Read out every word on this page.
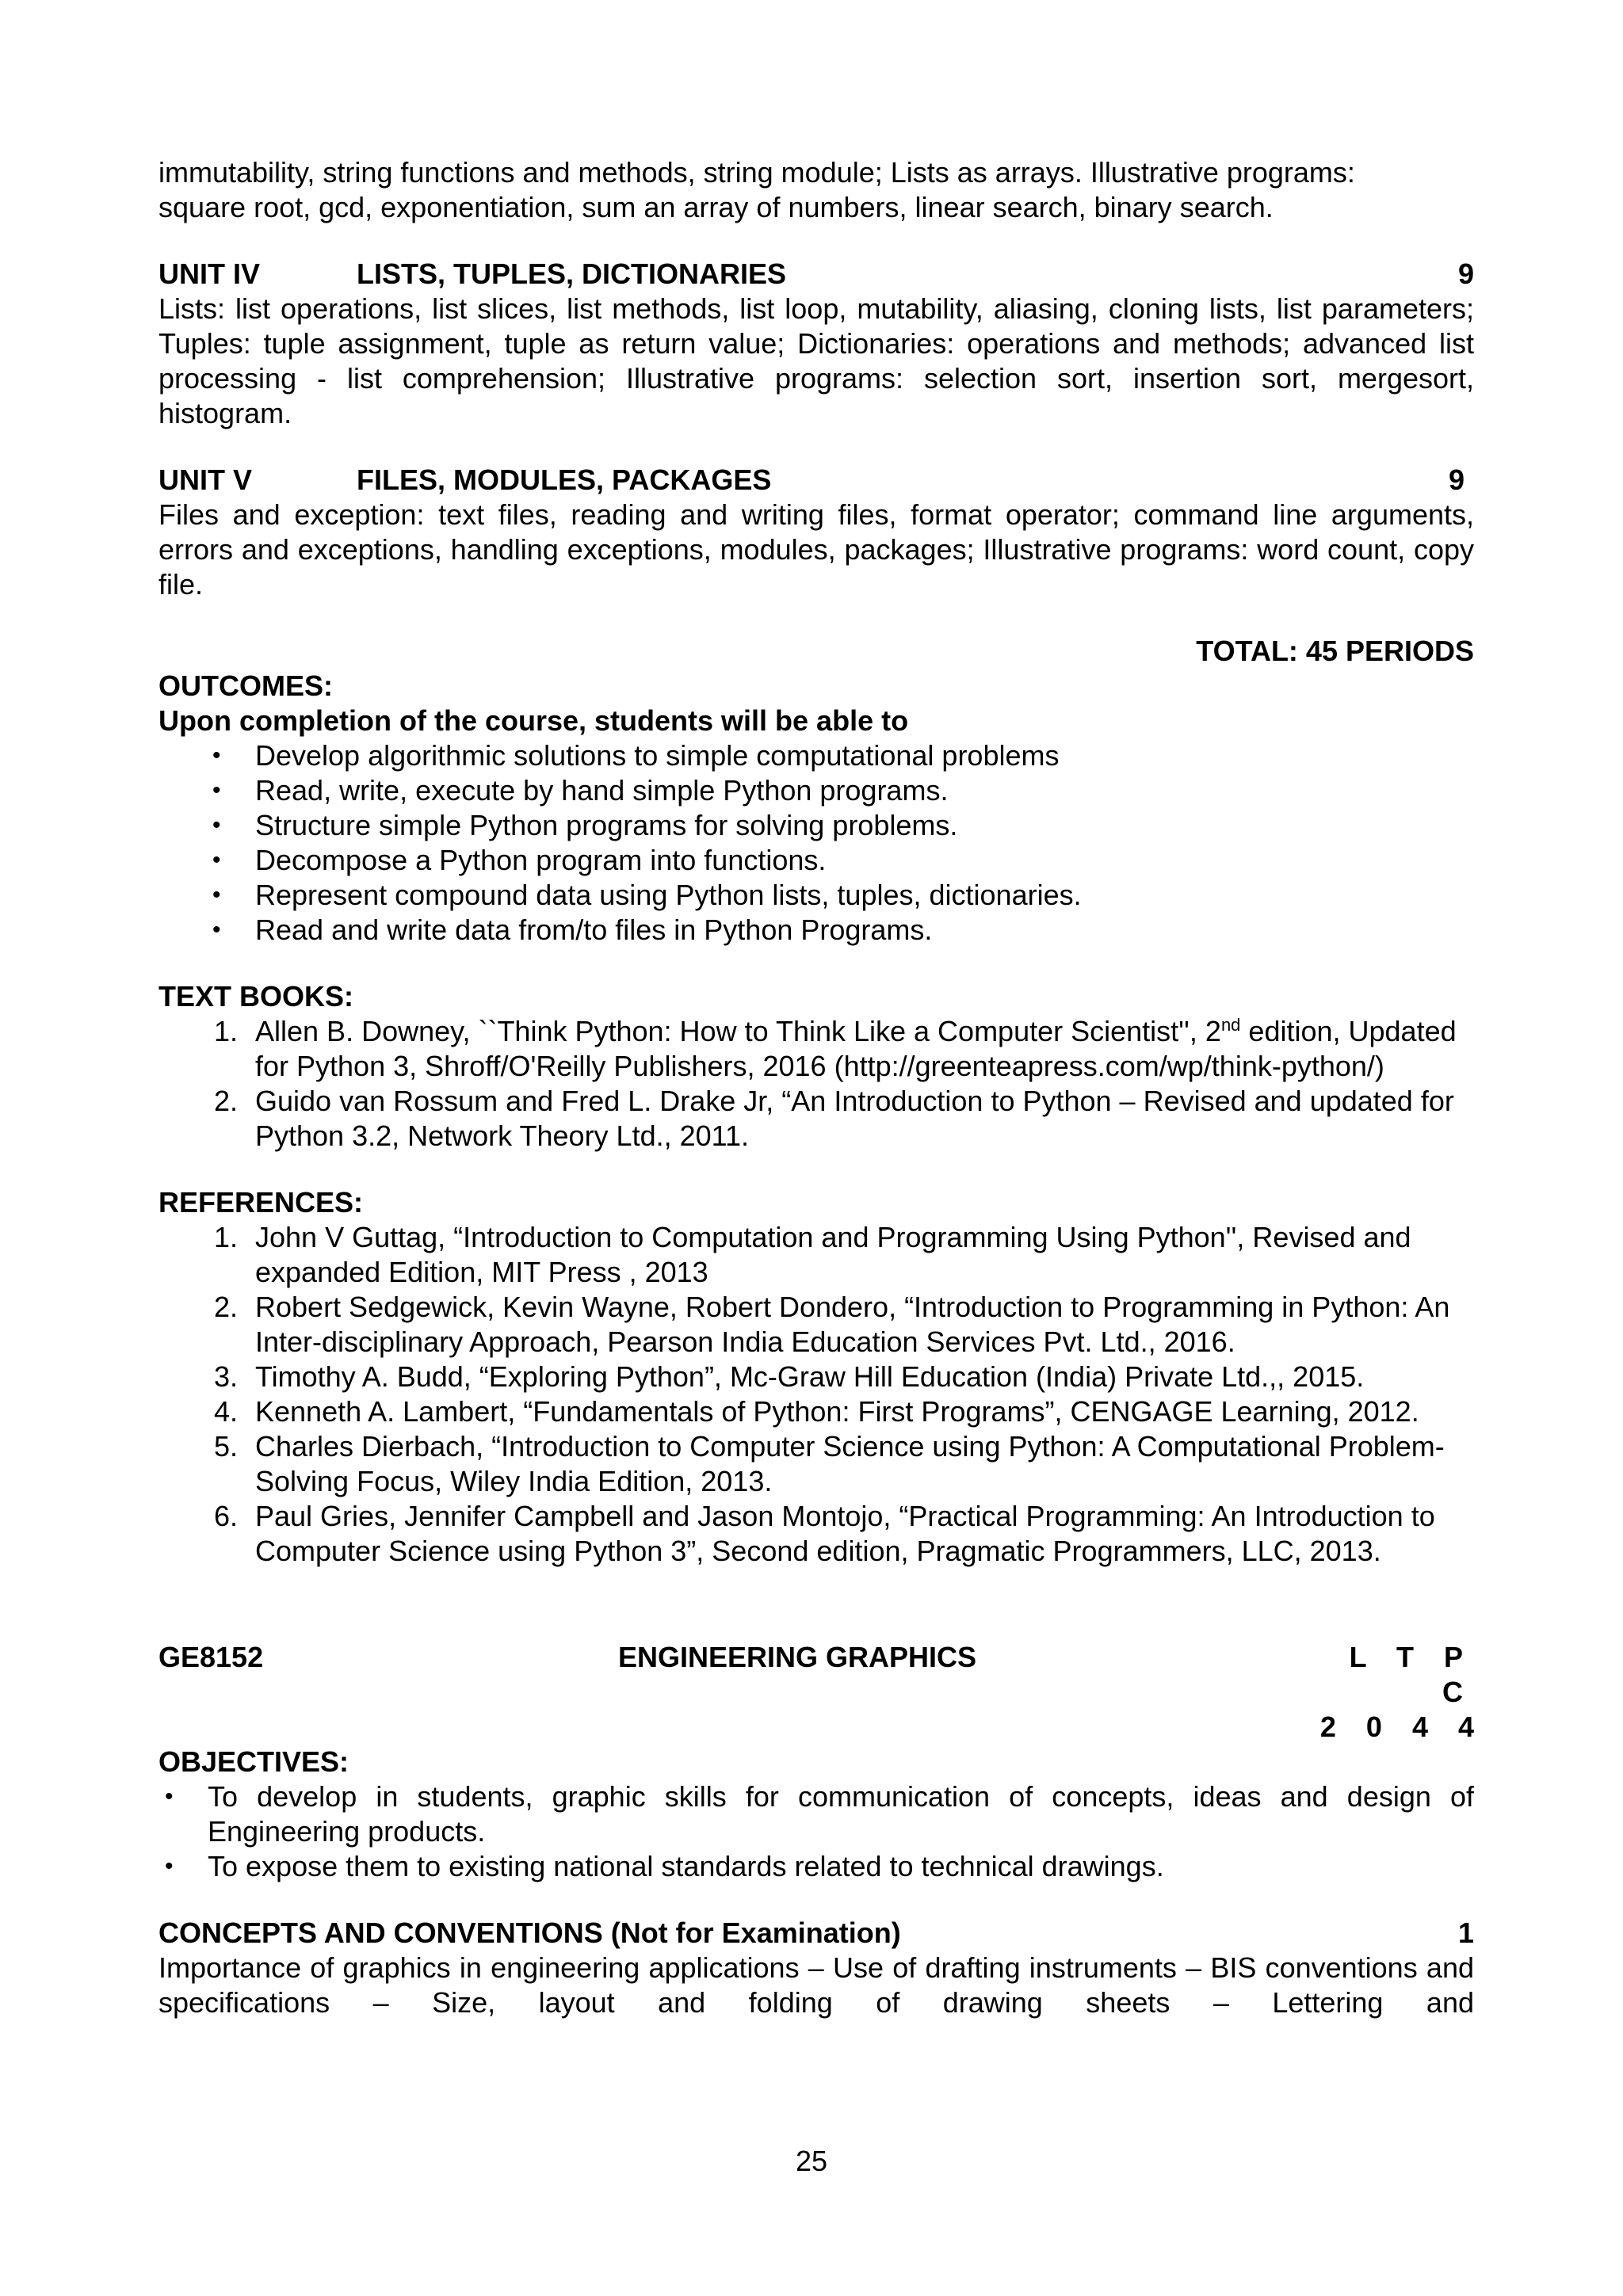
immutability, string functions and methods, string module; Lists as arrays. Illustrative programs:

square root, gcd, exponentiation, sum an array of numbers, linear search, binary search.

UNIT IV	LISTS, TUPLES, DICTIONARIES	9

Lists: list operations, list slices, list methods, list loop, mutability, aliasing, cloning lists, list parameters; Tuples: tuple assignment, tuple as return value; Dictionaries: operations and methods; advanced list processing - list comprehension; Illustrative programs: selection sort, insertion sort, mergesort, histogram.

UNIT V	FILES, MODULES, PACKAGES	9

Files and exception: text files, reading and writing files, format operator; command line arguments, errors and exceptions, handling exceptions, modules, packages; Illustrative programs: word count, copy file.

TOTAL: 45 PERIODS

OUTCOMES:

Upon completion of the course, students will be able to

• Develop algorithmic solutions to simple computational problems
• Read, write, execute by hand simple Python programs.
• Structure simple Python programs for solving problems.
• Decompose a Python program into functions.
• Represent compound data using Python lists, tuples, dictionaries.
• Read and write data from/to files in Python Programs.

TEXT BOOKS:

1. Allen B. Downey, ``Think Python: How to Think Like a Computer Scientist'', 2nd edition, Updated for Python 3, Shroff/O'Reilly Publishers, 2016 (http://greenteapress.com/wp/think-python/)
2. Guido van Rossum and Fred L. Drake Jr, “An Introduction to Python – Revised and updated for Python 3.2, Network Theory Ltd., 2011.

REFERENCES:

1. John V Guttag, “Introduction to Computation and Programming Using Python'', Revised and expanded Edition, MIT Press , 2013
2. Robert Sedgewick, Kevin Wayne, Robert Dondero, “Introduction to Programming in Python: An Inter-disciplinary Approach, Pearson India Education Services Pvt. Ltd., 2016.
3. Timothy A. Budd, “Exploring Python”, Mc-Graw Hill Education (India) Private Ltd.,, 2015.
4. Kenneth A. Lambert, “Fundamentals of Python: First Programs”, CENGAGE Learning, 2012.
5. Charles Dierbach, “Introduction to Computer Science using Python: A Computational Problem-Solving Focus, Wiley India Edition, 2013.
6. Paul Gries, Jennifer Campbell and Jason Montojo, “Practical Programming: An Introduction to Computer Science using Python 3”, Second edition, Pragmatic Programmers, LLC, 2013.
GE8152	ENGINEERING GRAPHICS	L T P C

2 0 4 4

OBJECTIVES:

• To develop in students, graphic skills for communication of concepts, ideas and design of Engineering products.
• To expose them to existing national standards related to technical drawings.
CONCEPTS AND CONVENTIONS (Not for Examination)	1

Importance of graphics in engineering applications – Use of drafting instruments – BIS conventions and specifications – Size, layout and folding of drawing sheets – Lettering and

25
